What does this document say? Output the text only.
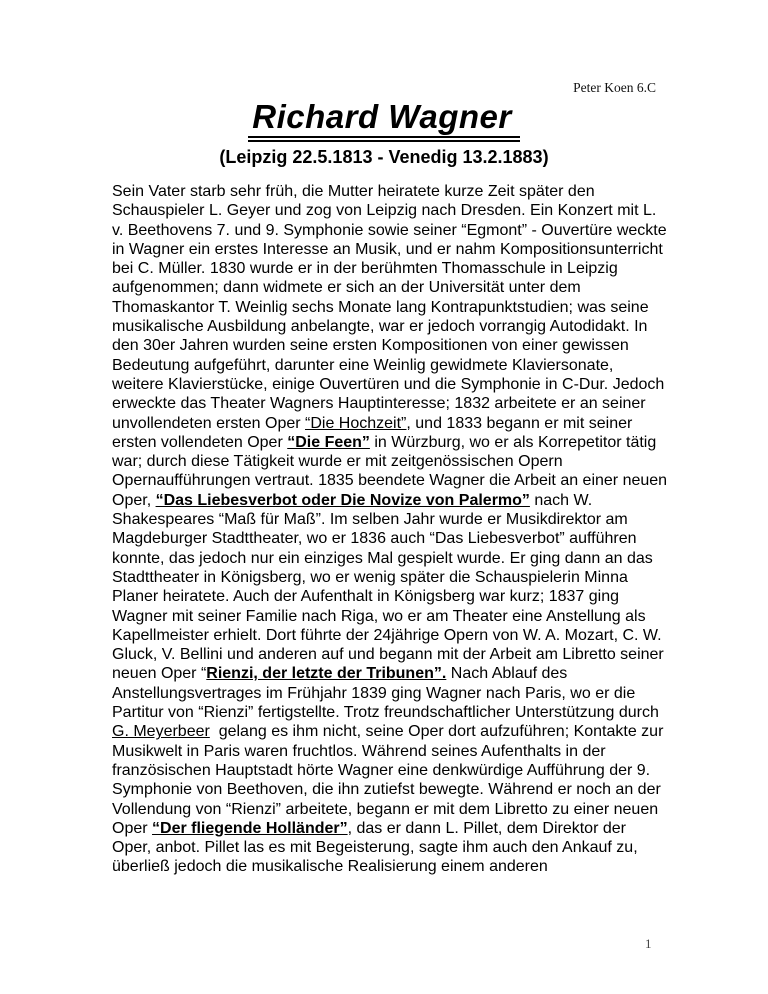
Peter Koen 6.C
Richard Wagner
(Leipzig 22.5.1813 - Venedig 13.2.1883)

Sein Vater starb sehr früh, die Mutter heiratete kurze Zeit später den Schauspieler L. Geyer und zog von Leipzig nach Dresden. Ein Konzert mit L. v. Beethovens 7. und 9. Symphonie sowie seiner “Egmont” - Ouvertüre weckte in Wagner ein erstes Interesse an Musik, und er nahm Kompositionsunterricht bei C. Müller. 1830 wurde er in der berühmten Thomasschule in Leipzig aufgenommen; dann widmete er sich an der Universität unter dem Thomaskantor T. Weinlig sechs Monate lang Kontrapunktstudien; was seine musikalische Ausbildung anbelangte, war er jedoch vorrangig Autodidakt. In den 30er Jahren wurden seine ersten Kompositionen von einer gewissen Bedeutung aufgeführt, darunter eine Weinlig gewidmete Klaviersonate, weitere Klavierstücke, einige Ouvertüren und die Symphonie in C-Dur. Jedoch erweckte das Theater Wagners Hauptinteresse; 1832 arbeitete er an seiner unvollendeten ersten Oper “Die Hochzeit”, und 1833 begann er mit seiner ersten vollendeten Oper “Die Feen” in Würzburg, wo er als Korrepetitor tätig war; durch diese Tätigkeit wurde er mit zeitgenössischen Opern Opernaufführungen vertraut. 1835 beendete Wagner die Arbeit an einer neuen Oper, “Das Liebesverbot oder Die Novize von Palermo” nach W. Shakespeares “Maß für Maß”. Im selben Jahr wurde er Musikdirektor am Magdeburger Stadttheater, wo er 1836 auch “Das Liebesverbot” aufführen konnte, das jedoch nur ein einziges Mal gespielt wurde. Er ging dann an das Stadttheater in Königsberg, wo er wenig später die Schauspielerin Minna Planer heiratete. Auch der Aufenthalt in Königsberg war kurz; 1837 ging Wagner mit seiner Familie nach Riga, wo er am Theater eine Anstellung als Kapellmeister erhielt. Dort führte der 24jährige Opern von W. A. Mozart, C. W. Gluck, V. Bellini und anderen auf und begann mit der Arbeit am Libretto seiner neuen Oper “Rienzi, der letzte der Tribunen”. Nach Ablauf des Anstellungsvertrages im Frühjahr 1839 ging Wagner nach Paris, wo er die Partitur von “Rienzi” fertigstellte. Trotz freundschaftlicher Unterstützung durch G. Meyerbeer  gelang es ihm nicht, seine Oper dort aufzuführen; Kontakte zur Musikwelt in Paris waren fruchtlos. Während seines Aufenthalts in der französischen Hauptstadt hörte Wagner eine denkwürdige Aufführung der 9. Symphonie von Beethoven, die ihn zutiefst bewegte. Während er noch an der Vollendung von “Rienzi” arbeitete, begann er mit dem Libretto zu einer neuen Oper “Der fliegende Holländer”, das er dann L. Pillet, dem Direktor der Oper, anbot. Pillet las es mit Begeisterung, sagte ihm auch den Ankauf zu, überließ jedoch die musikalische Realisierung einem anderen

1
